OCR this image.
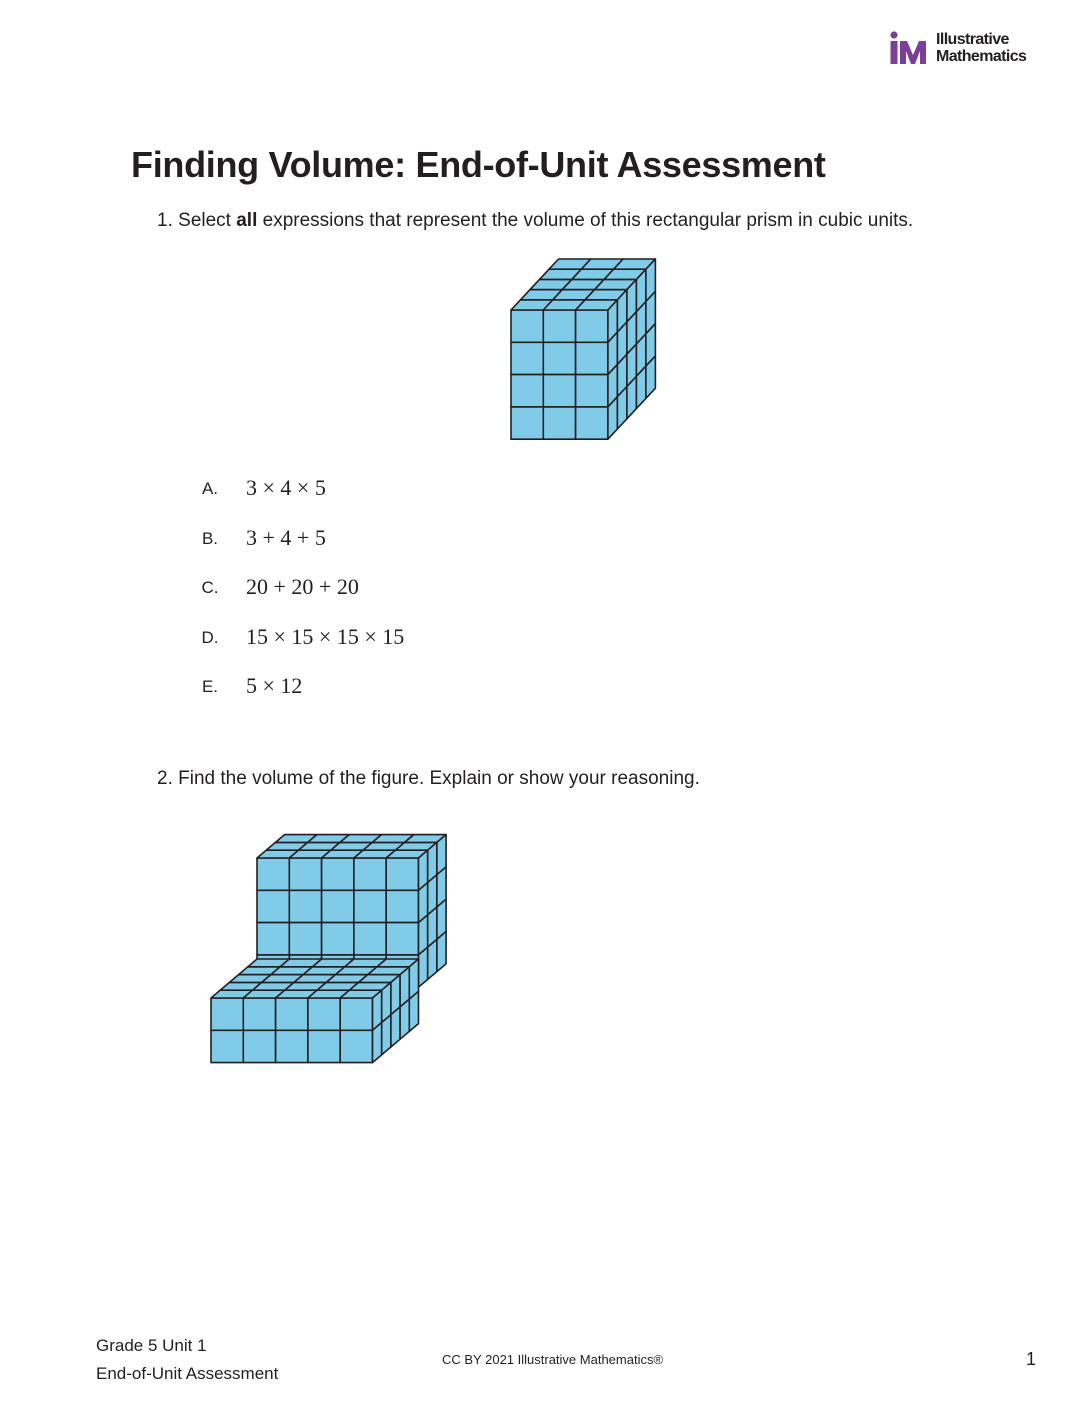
Illustrative
Mathematics
Finding Volume: End-of-Unit Assessment
1. Select all expressions that represent the volume of this rectangular prism in cubic units.
A. 3 × 4 × 5
B. 3 + 4 + 5
C. 20 + 20 + 20
D. 15 × 15 × 15 × 15
E. 5 × 12
2. Find the volume of the figure. Explain or show your reasoning.
Grade 5 Unit 1
End-of-Unit Assessment
CC BY 2021 Illustrative Mathematics®	1
